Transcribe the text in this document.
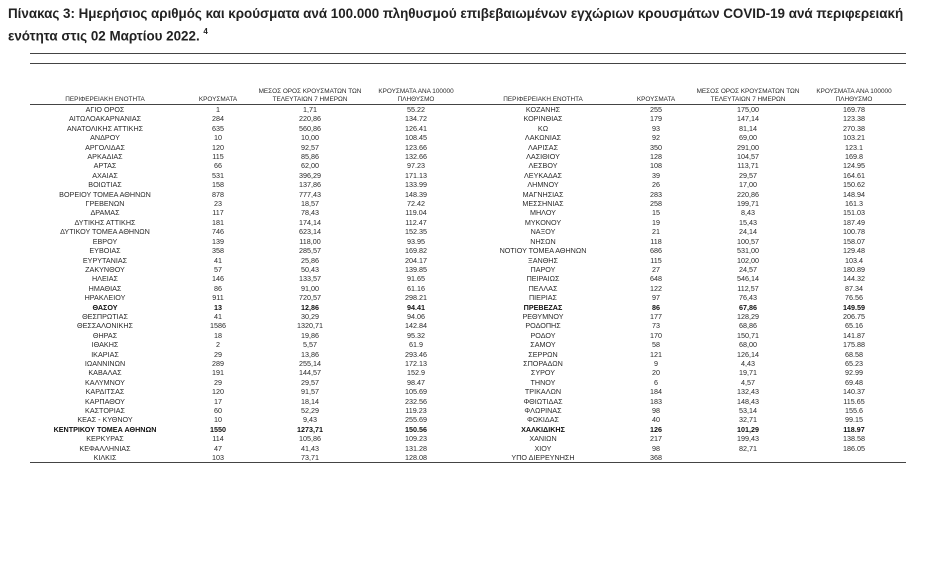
Πίνακας 3: Ημερήσιος αριθμός και κρούσματα ανά 100.000 πληθυσμού επιβεβαιωμένων εγχώριων κρουσμάτων COVID-19 ανά περιφερειακή ενότητα στις 02 Μαρτίου 2022. $^4$
ΠΕΡΙΦΕΡΕΙΑΚΗ ΕΝΟΤΗΤΑ	ΚΡΟΥΣΜΑΤΑ	ΜΕΣΟΣ ΟΡΟΣ ΚΡΟΥΣΜΑΤΩΝ ΤΩΝ ΤΕΛΕΥΤΑΙΩΝ 7 ΗΜΕΡΩΝ	ΚΡΟΥΣΜΑΤΑ ΑΝΑ 100000 ΠΛΗΘΥΣΜΟ	ΠΕΡΙΦΕΡΕΙΑΚΗ ΕΝΟΤΗΤΑ	ΚΡΟΥΣΜΑΤΑ	ΜΕΣΟΣ ΟΡΟΣ ΚΡΟΥΣΜΑΤΩΝ ΤΩΝ ΤΕΛΕΥΤΑΙΩΝ 7 ΗΜΕΡΩΝ	ΚΡΟΥΣΜΑΤΑ ΑΝΑ 100000 ΠΛΗΘΥΣΜΟ
ΑΓΙΟ ΟΡΟΣ	1	1,71	55.22	ΚΟΖΑΝΗΣ	255	175,00	169.78
ΑΙΤΩΛΟΑΚΑΡΝΑΝΙΑΣ	284	220,86	134.72	ΚΟΡΙΝΘΙΑΣ	179	147,14	123.38
ΑΝΑΤΟΛΙΚΗΣ ΑΤΤΙΚΗΣ	635	560,86	126.41	ΚΩ	93	81,14	270.38
ΑΝΔΡΟΥ	10	10,00	108.45	ΛΑΚΩΝΙΑΣ	92	69,00	103.21
ΑΡΓΟΛΙΔΑΣ	120	92,57	123.66	ΛΑΡΙΣΑΣ	350	291,00	123.1
ΑΡΚΑΔΙΑΣ	115	85,86	132.66	ΛΑΣΙΘΙΟΥ	128	104,57	169.8
ΑΡΤΑΣ	66	62,00	97.23	ΛΕΣΒΟΥ	108	113,71	124.95
ΑΧΑΙΑΣ	531	396,29	171.13	ΛΕΥΚΑΔΑΣ	39	29,57	164.61
ΒΟΙΩΤΙΑΣ	158	137,86	133.99	ΛΗΜΝΟΥ	26	17,00	150.62
ΒΟΡΕΙΟΥ ΤΟΜΕΑ ΑΘΗΝΩΝ	878	777,43	148.39	ΜΑΓΝΗΣΙΑΣ	283	220,86	148.94
ΓΡΕΒΕΝΩΝ	23	18,57	72.42	ΜΕΣΣΗΝΙΑΣ	258	199,71	161.3
ΔΡΑΜΑΣ	117	78,43	119.04	ΜΗΛΟΥ	15	8,43	151.03
ΔΥΤΙΚΗΣ ΑΤΤΙΚΗΣ	181	174,14	112.47	ΜΥΚΟΝΟΥ	19	15,43	187.49
ΔΥΤΙΚΟΥ ΤΟΜΕΑ ΑΘΗΝΩΝ	746	623,14	152.35	ΝΑΞΟΥ	21	24,14	100.78
ΕΒΡΟΥ	139	118,00	93.95	ΝΗΣΩΝ	118	100,57	158.07
ΕΥΒΟΙΑΣ	358	285,57	169.82	ΝΟΤΙΟΥ ΤΟΜΕΑ ΑΘΗΝΩΝ	686	531,00	129.48
ΕΥΡΥΤΑΝΙΑΣ	41	25,86	204.17	ΞΑΝΘΗΣ	115	102,00	103.4
ΖΑΚΥΝΘΟΥ	57	50,43	139.85	ΠΑΡΟΥ	27	24,57	180.89
ΗΛΕΙΑΣ	146	133,57	91.65	ΠΕΙΡΑΙΩΣ	648	546,14	144.32
ΗΜΑΘΙΑΣ	86	91,00	61.16	ΠΕΛΛΑΣ	122	112,57	87.34
ΗΡΑΚΛΕΙΟΥ	911	720,57	298.21	ΠΙΕΡΙΑΣ	97	76,43	76.56
ΘΑΣΟΥ	13	12,86	94.41	ΠΡΕΒΕΖΑΣ	86	67,86	149.59
ΘΕΣΠΡΩΤΙΑΣ	41	30,29	94.06	ΡΕΘΥΜΝΟΥ	177	128,29	206.75
ΘΕΣΣΑΛΟΝΙΚΗΣ	1586	1320,71	142.84	ΡΟΔΟΠΗΣ	73	68,86	65.16
ΘΗΡΑΣ	18	19,86	95.32	ΡΟΔΟΥ	170	150,71	141.87
ΙΘΑΚΗΣ	2	5,57	61.9	ΣΑΜΟΥ	58	68,00	175.88
ΙΚΑΡΙΑΣ	29	13,86	293.46	ΣΕΡΡΩΝ	121	126,14	68.58
ΙΩΑΝΝΙΝΩΝ	289	255,14	172.13	ΣΠΟΡΑΔΩΝ	9	4,43	65.23
ΚΑΒΑΛΑΣ	191	144,57	152.9	ΣΥΡΟΥ	20	19,71	92.99
ΚΑΛΥΜΝΟΥ	29	29,57	98.47	ΤΗΝΟΥ	6	4,57	69.48
ΚΑΡΔΙΤΣΑΣ	120	91,57	105.69	ΤΡΙΚΑΛΩΝ	184	132,43	140.37
ΚΑΡΠΑΘΟΥ	17	18,14	232.56	ΦΘΙΩΤΙΔΑΣ	183	148,43	115.65
ΚΑΣΤΟΡΙΑΣ	60	52,29	119.23	ΦΛΩΡΙΝΑΣ	98	53,14	155.6
ΚΕΑΣ - ΚΥΘΝΟΥ	10	9,43	255.69	ΦΩΚΙΔΑΣ	40	32,71	99.15
ΚΕΝΤΡΙΚΟΥ ΤΟΜΕΑ ΑΘΗΝΩΝ	1550	1273,71	150.56	ΧΑΛΚΙΔΙΚΗΣ	126	101,29	118.97
ΚΕΡΚΥΡΑΣ	114	105,86	109.23	ΧΑΝΙΩΝ	217	199,43	138.58
ΚΕΦΑΛΛΗΝΙΑΣ	47	41,43	131.28	ΧΙΟΥ	98	82,71	186.05
ΚΙΛΚΙΣ	103	73,71	128.08	ΥΠΟ ΔΙΕΡΕΥΝΗΣΗ	368		
